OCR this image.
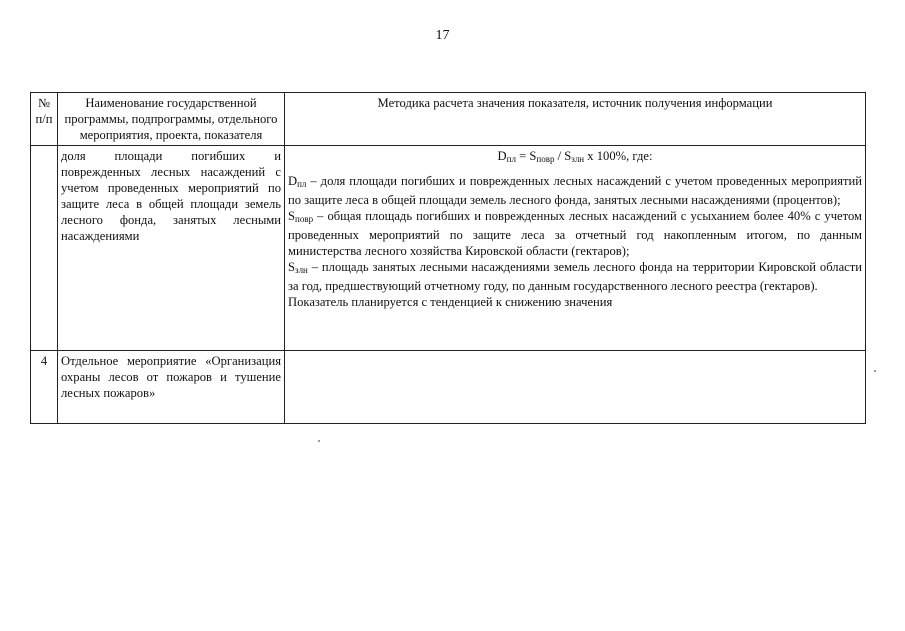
17
№ п/п	Наименование государственной программы, подпрограммы, отдельного мероприятия, проекта, показателя	Методика расчета значения показателя, источник получения информации
	доля площади погибших и поврежденных лесных насаждений с учетом проведенных мероприятий по защите леса в общей площади земель лесного фонда, занятых лесными насаждениями	$D_{пл} = S_{повр} / S_{злн}$ x 100%, где:
$D_{пл}$ – доля площади погибших и поврежденных лесных насаждений с учетом проведенных мероприятий по защите леса в общей площади земель лесного фонда, занятых лесными насаждениями (процентов);
$S_{повр}$ – общая площадь погибших и поврежденных лесных насаждений с усыханием более 40% с учетом проведенных мероприятий по защите леса за отчетный год накопленным итогом, по данным министерства лесного хозяйства Кировской области (гектаров);
$S_{злн}$ – площадь занятых лесными насаждениями земель лесного фонда на территории Кировской области за год, предшествующий отчетному году, по данным государственного лесного реестра (гектаров).
Показатель планируется с тенденцией к снижению значения

4	Отдельное мероприятие «Организация охраны лесов от пожаров и тушение лесных пожаров»	
